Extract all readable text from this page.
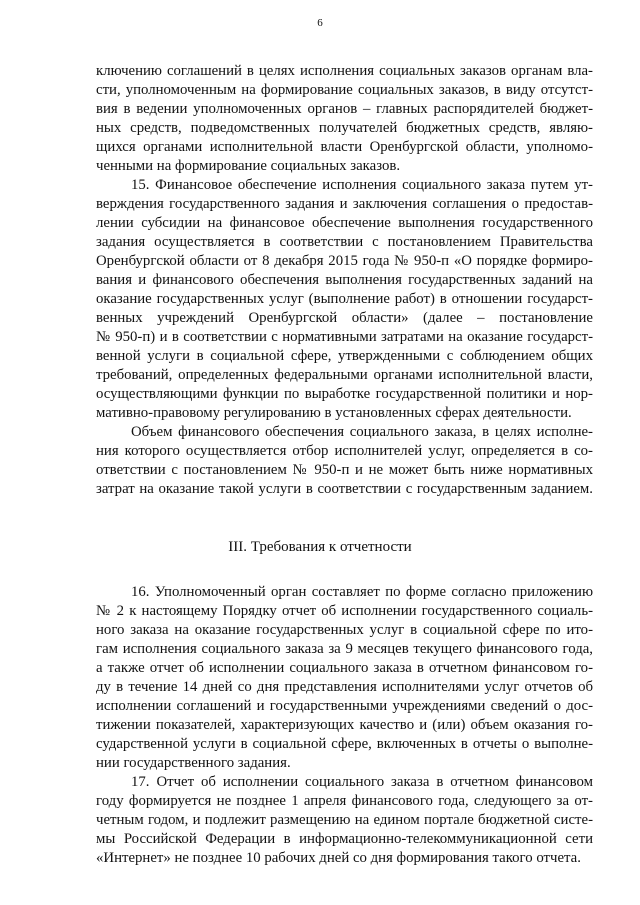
6
ключению соглашений в целях исполнения социальных заказов органам вла-
сти, уполномоченным на формирование социальных заказов, в виду отсутст-
вия в ведении уполномоченных органов – главных распорядителей бюджет-
ных средств, подведомственных получателей бюджетных средств, являю-
щихся органами исполнительной власти Оренбургской области, уполномо-
ченными на формирование социальных заказов.
15. Финансовое обеспечение исполнения социального заказа путем ут-
верждения государственного задания и заключения соглашения о предостав-
лении субсидии на финансовое обеспечение выполнения государственного
задания осуществляется в соответствии с постановлением Правительства
Оренбургской области от 8 декабря 2015 года № 950-п «О порядке формиро-
вания и финансового обеспечения выполнения государственных заданий на
оказание государственных услуг (выполнение работ) в отношении государст-
венных учреждений Оренбургской области» (далее – постановление
№ 950-п) и в соответствии с нормативными затратами на оказание государст-
венной услуги в социальной сфере, утвержденными с соблюдением общих
требований, определенных федеральными органами исполнительной власти,
осуществляющими функции по выработке государственной политики и нор-
мативно-правовому регулированию в установленных сферах деятельности.
Объем финансового обеспечения социального заказа, в целях исполне-
ния которого осуществляется отбор исполнителей услуг, определяется в со-
ответствии с постановлением № 950-п и не может быть ниже нормативных
затрат на оказание такой услуги в соответствии с государственным заданием.
III. Требования к отчетности
16. Уполномоченный орган составляет по форме согласно приложению
№ 2 к настоящему Порядку отчет об исполнении государственного социаль-
ного заказа на оказание государственных услуг в социальной сфере по ито-
гам исполнения социального заказа за 9 месяцев текущего финансового года,
а также отчет об исполнении социального заказа в отчетном финансовом го-
ду в течение 14 дней со дня представления исполнителями услуг отчетов об
исполнении соглашений и государственными учреждениями сведений о дос-
тижении показателей, характеризующих качество и (или) объем оказания го-
сударственной услуги в социальной сфере, включенных в отчеты о выполне-
нии государственного задания.
17. Отчет об исполнении социального заказа в отчетном финансовом
году формируется не позднее 1 апреля финансового года, следующего за от-
четным годом, и подлежит размещению на едином портале бюджетной систе-
мы Российской Федерации в информационно-телекоммуникационной сети
«Интернет» не позднее 10 рабочих дней со дня формирования такого отчета.
